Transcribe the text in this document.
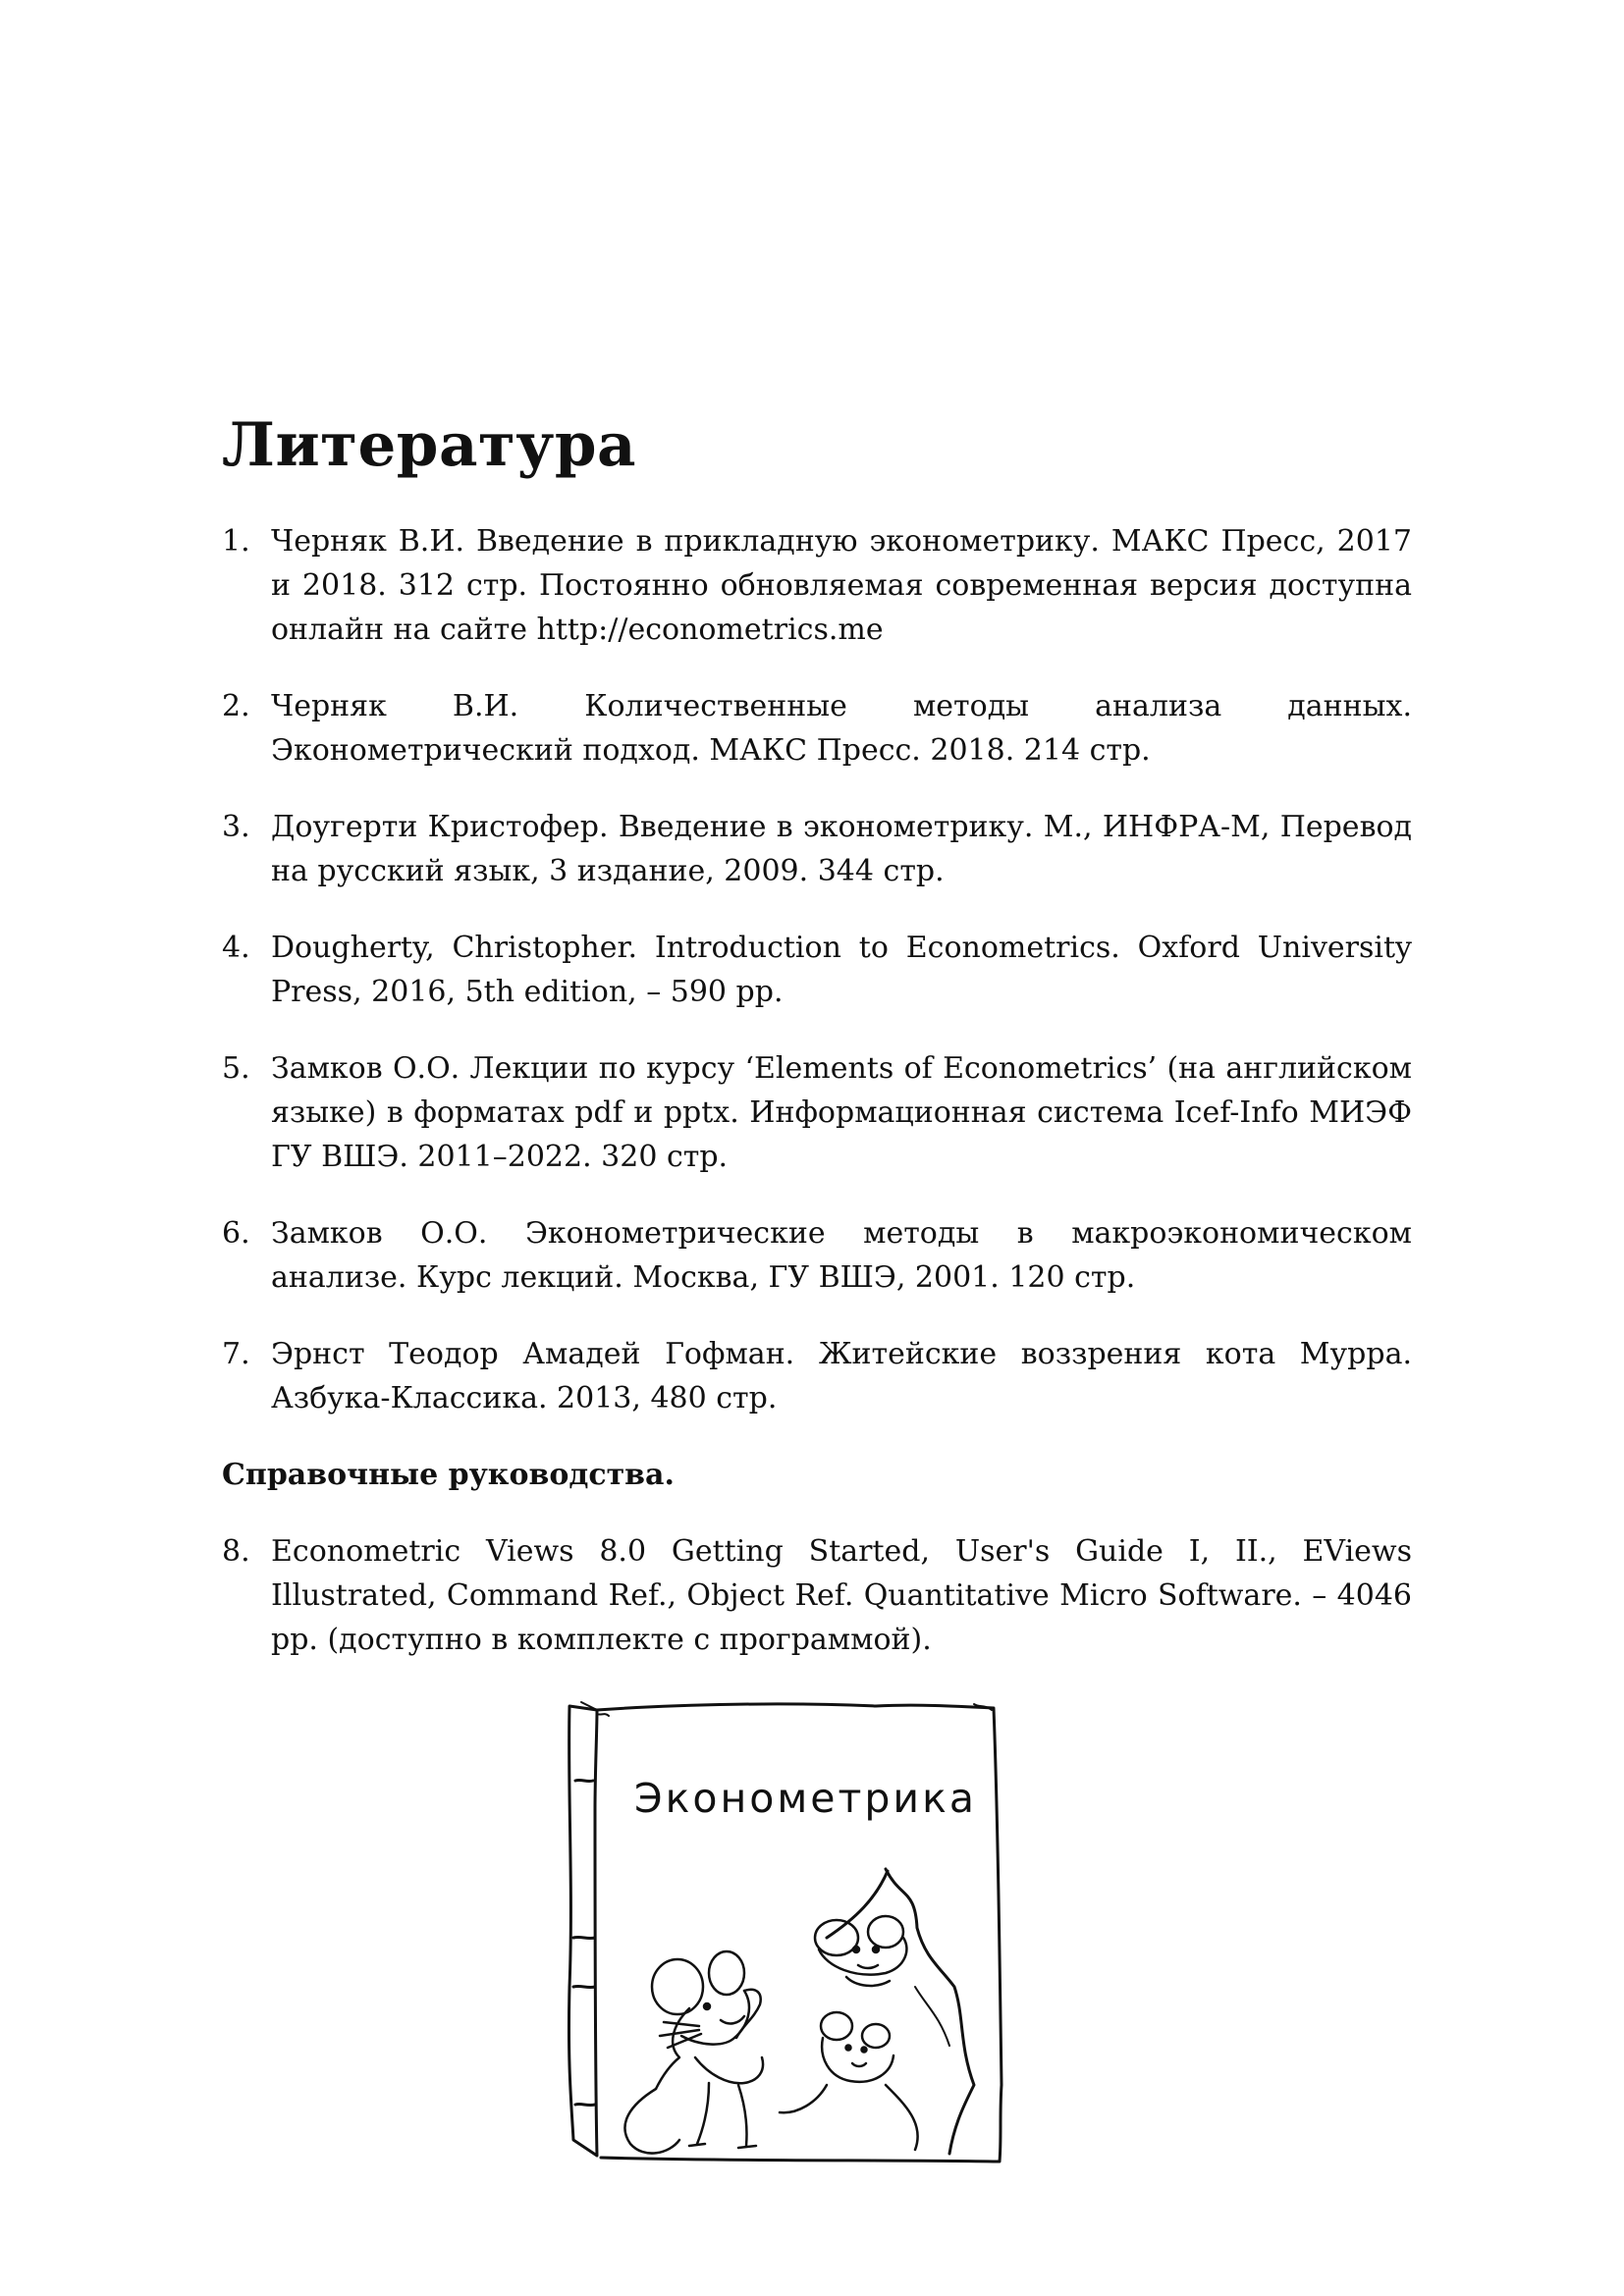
Литература
1. Черняк В.И. Введение в прикладную эконометрику. МАКС Пресс, 2017 и 2018. 312 стр. Постоянно обновляемая современная версия доступна онлайн на сайте http://econometrics.me
2. Черняк В.И. Количественные методы анализа данных. Эконометрический подход. МАКС Пресс. 2018. 214 стр.
3. Доугерти Кристофер. Введение в эконометрику. М., ИНФРА-М, Перевод на русский язык, 3 издание, 2009. 344 стр.
4. Dougherty, Christopher. Introduction to Econometrics. Oxford University Press, 2016, 5th edition, – 590 pp.
5. Замков О.О. Лекции по курсу ‘Elements of Econometrics’ (на английском языке) в форматах pdf и pptx. Информационная система Icef-Info МИЭФ ГУ ВШЭ. 2011–2022. 320 стр.
6. Замков О.О. Эконометрические методы в макроэкономическом анализе. Курс лекций. Москва, ГУ ВШЭ, 2001. 120 стр.
7. Эрнст Теодор Амадей Гофман. Житейские воззрения кота Мурра. Азбука-Классика. 2013, 480 стр.
Справочные руководства.
8. Econometric Views 8.0 Getting Started, User's Guide I, II., EViews Illustrated, Command Ref., Object Ref. Quantitative Micro Software. – 4046 pp. (доступно в комплекте с программой).
Эконометрика
